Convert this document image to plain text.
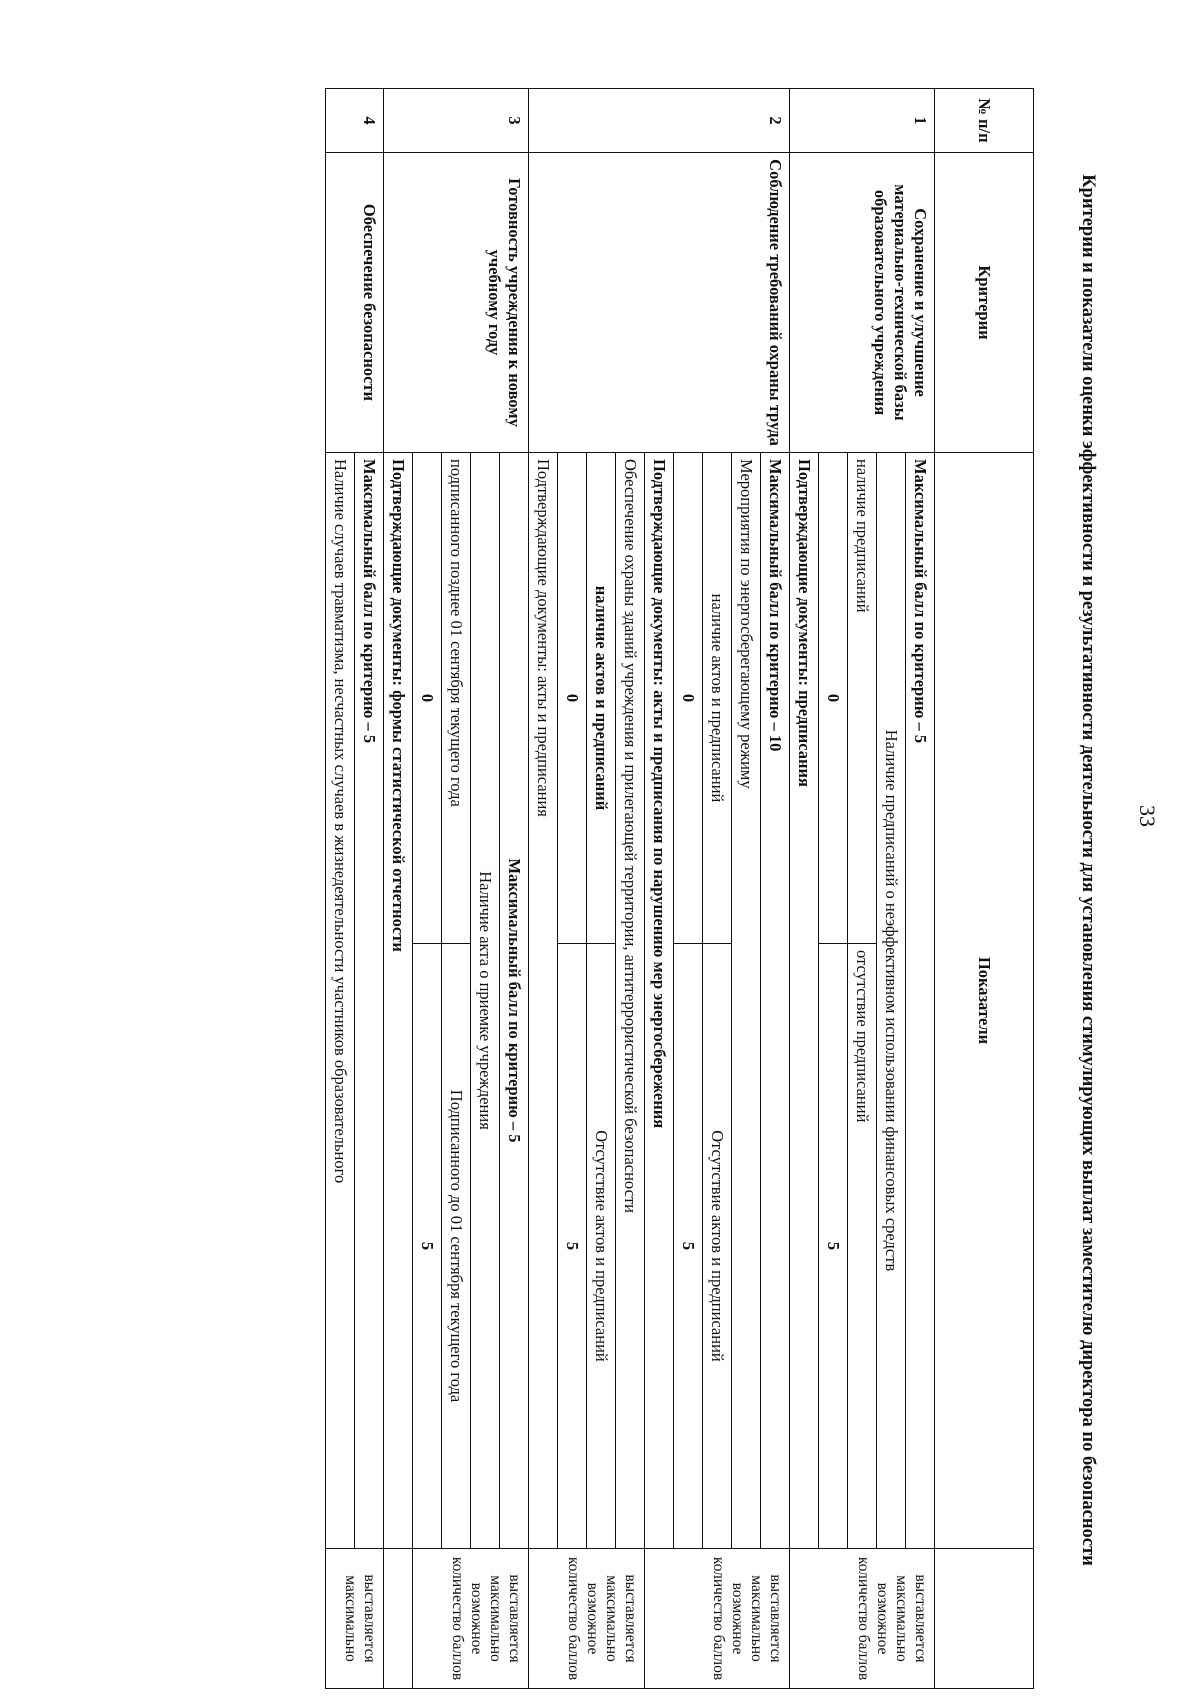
33
Критерии и показатели оценки эффективности и результативности деятельности для установления стимулирующих выплат заместителю директора по безопасности
№ п/п	Критерии	Показатели		
1	Сохранение и улучшение материально-технической базы образовательного учреждения	Максимальный балл по критерию – 5		выставляется максимально возможное количество баллов
		Наличие предписаний о неэффективном использовании финансовых средств		
		наличие предписаний	отсутствие предписаний	
		0	5	
		Подтверждающие документы: предписания		
2	Соблюдение требований охраны труда	Максимальный балл по критерию – 10		выставляется максимально возможное количество баллов
		Мероприятия по энергосберегающему режиму		
		наличие актов и предписаний	Отсутствие актов и предписаний	
		0	5	
		Подтверждающие документы: акты и предписания по нарушению мер энергосбережения		
		Обеспечение охраны зданий учреждения и прилегающей территории, антитеррористической безопасности		выставляется максимально возможное количество баллов
		наличие актов и предписаний	Отсутствие актов и предписаний	
		0	5	
		Подтверждающие документы: акты и предписания		
3	Готовность учреждения к новому учебному году	Максимальный балл по критерию – 5		выставляется максимально возможное количество баллов
		Наличие акта о приемке учреждения		
		подписанного позднее 01 сентября текущего года	Подписанного до 01 сентября текущего года	
		0	5	
		Подтверждающие документы: формы статистической отчетности		
4	Обеспечение безопасности	Максимальный балл по критерию – 5		выставляется максимально
		Наличие случаев травматизма, несчастных случаев в жизнедеятельности участников образовательного		
